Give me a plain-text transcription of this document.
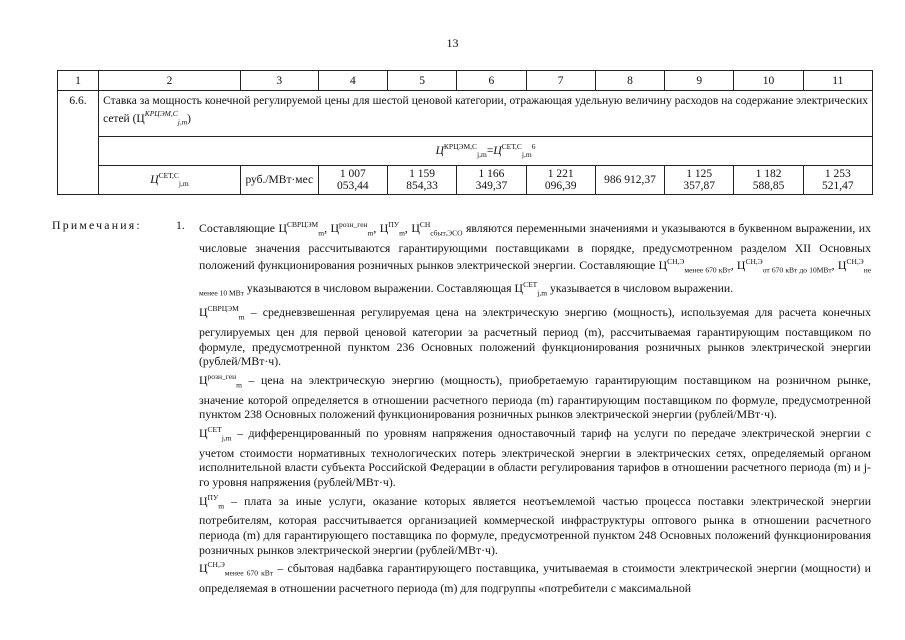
13
1	2	3	4	5	6	7	8	9	10	11
6.6.	Ставка за мощность конечной регулируемой цены для шестой ценовой категории, отражающая удельную величину расходов на содержание электрических сетей $(Ц^{КРЦЭМ,С}_{j,m})$									
	$Ц^{КРЦЭМ,С}_{j,m}=Ц^{СЕТ,С}_{j,m}^6$
	$Ц^{СЕТ,С}_{j,m}$	руб./МВт·мес	1 007 053,44	1 159 854,33	1 166 349,37	1 221 096,39	986 912,37	1 125 357,87	1 182 588,85	1 253 521,47
Примечания:	1. Составляющие $Ц^{СВРЦЭМ}_m$, $Ц^{розн\_ген}_m$, $Ц^{ПУ}_m$, $Ц^{СН}_{сбыт,ЭСО}$ являются переменными значениями и указываются в буквенном выражении, их числовые значения рассчитываются гарантирующими поставщиками в порядке, предусмотренном разделом XII Основных положений функционирования розничных рынков электрической энергии. Составляющие $Ц^{СН,Э}_{менее 670 кВт}$, $Ц^{СН,Э}_{от 670 кВт до 10МВт}$, $Ц^{СН,Э}_{не менее 10 МВт}$ указываются в числовом выражении. Составляющая $Ц^{СЕТ}_{j,m}$ указывается в числовом выражении.

$Ц^{СВРЦЭМ}_m$ – средневзвешенная регулируемая цена на электрическую энергию (мощность), используемая для расчета конечных регулируемых цен для первой ценовой категории за расчетный период (m), рассчитываемая гарантирующим поставщиком по формуле, предусмотренной пунктом 236 Основных положений функционирования розничных рынков электрической энергии (рублей/МВт·ч).

$Ц^{розн\_ген}_m$ – цена на электрическую энергию (мощность), приобретаемую гарантирующим поставщиком на розничном рынке, значение которой определяется в отношении расчетного периода (m) гарантирующим поставщиком по формуле, предусмотренной пунктом 238 Основных положений функционирования розничных рынков электрической энергии (рублей/МВт·ч).

$Ц^{СЕТ}_{j,m}$ – дифференцированный по уровням напряжения одноставочный тариф на услуги по передаче электрической энергии с учетом стоимости нормативных технологических потерь электрической энергии в электрических сетях, определяемый органом исполнительной власти субъекта Российской Федерации в области регулирования тарифов в отношении расчетного периода (m) и j-го уровня напряжения (рублей/МВт·ч).

$Ц^{ПУ}_m$ – плата за иные услуги, оказание которых является неотъемлемой частью процесса поставки электрической энергии потребителям, которая рассчитывается организацией коммерческой инфраструктуры оптового рынка в отношении расчетного периода (m) для гарантирующего поставщика по формуле, предусмотренной пунктом 248 Основных положений функционирования розничных рынков электрической энергии (рублей/МВт·ч).

$Ц^{СН,Э}_{менее 670 кВт}$ – сбытовая надбавка гарантирующего поставщика, учитываемая в стоимости электрической энергии (мощности) и определяемая в отношении расчетного периода (m) для подгруппы «потребители с максимальной
